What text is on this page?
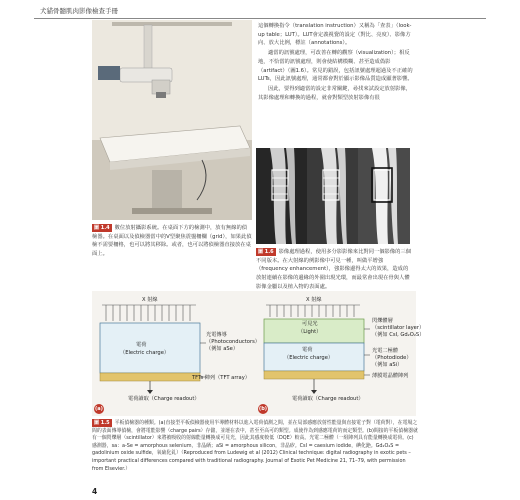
犬貓骨髓肌肉影像檢查手冊

圖 1.4 數位放射攝影系統。在桌面下方的檢測中，放有無線的偵檢器。在桌面以及偵檢器當中的V型聚焦震盪柵欄（grid），如果此偵檢不需要柵格，也可以將其移除。或者，也可以將偵檢器直接放在桌面上。

這個轉換指令（translation instruction）又稱為「查表」（look-up table；LUT）。LUT會定義視覺的設定（對比、亮度）、影像方向、放大比例，標註（annotations）。

適當的訊號處理，可改善在轉的觀察（visualization）；相反地，不恰當的訊號處理，則會使結構模糊、甚至造成偽影（artifact）（圖1.6）。常見的錯誤，包括訊號處理超過及不正確的LUTs，因此訊號處理，通常都會對於顯示影像品質造成顯著影響。

因此，要得到適當的設定非常關鍵，尋找來試設定放射影像，其影像處理和轉換的過程，就會對類型放射影像有很

圖 1.6 影像處理過程，使用多分影影像來比對同一個影像的三個不同版本。在大射線的例影像中可見一種，叫做平增強（frequency enhancement），強影像邊得太大的效果，造成的放射連續在影像的邊緣的外圍出現光環，而最常會出現在骨與人體影像金屬以及植入物的表面處。

X 射線
電荷
（Electric charge）
光電傳導
（Photoconductors）
（例如 aSe）
TFTs 陣列（TFT array）
電荷讀取（Charge readout）
(a)
X 射線
可見光
（Light）
電荷
（Electric charge）
閃爍體層
（scintillator layer）
（例如 CsI, Gd₂O₂S）
光電二極體
（Photodiode）
（例如 aSi）
薄膜電晶體陣列
電荷讀取（Charge readout）
(b)

圖 1.5 平板偵檢器的種類。(a)直接型平板偵檢器使用半導體材料以進入電荷偵測之間，並在局部感應放射性能量與直接電子對（電荷對），在電場之間的表面傳導偵檢，會將電能影響（charge pairs）存儲，並運在表中，甚至至高可的類型。成使作為到感應電荷的而定類型。(b)間接的平板偵檢器就有一個閃爍層（scintillator）來將被吸收的射線能量轉換成可見光，因此其感度較低（DQE）較高。光電二極體（一組陣列具有能量轉換成電荷。(c)感測器，sa：a-Se = amorphous selenium，非晶硒；aSi = amorphous silicon，非晶矽。CsI = caesium iodide，碘化銫。Gd₂O₂S = gadolinium oxide sulfide，氧硫化釓）（Reproduced from Ludewig et al (2012) Clinical technique: digital radiography in exotic pets – important practical differences compared with traditional radiography. Journal of Exotic Pet Medicine 21, 71–79, with permission from Elsevier.）

4
